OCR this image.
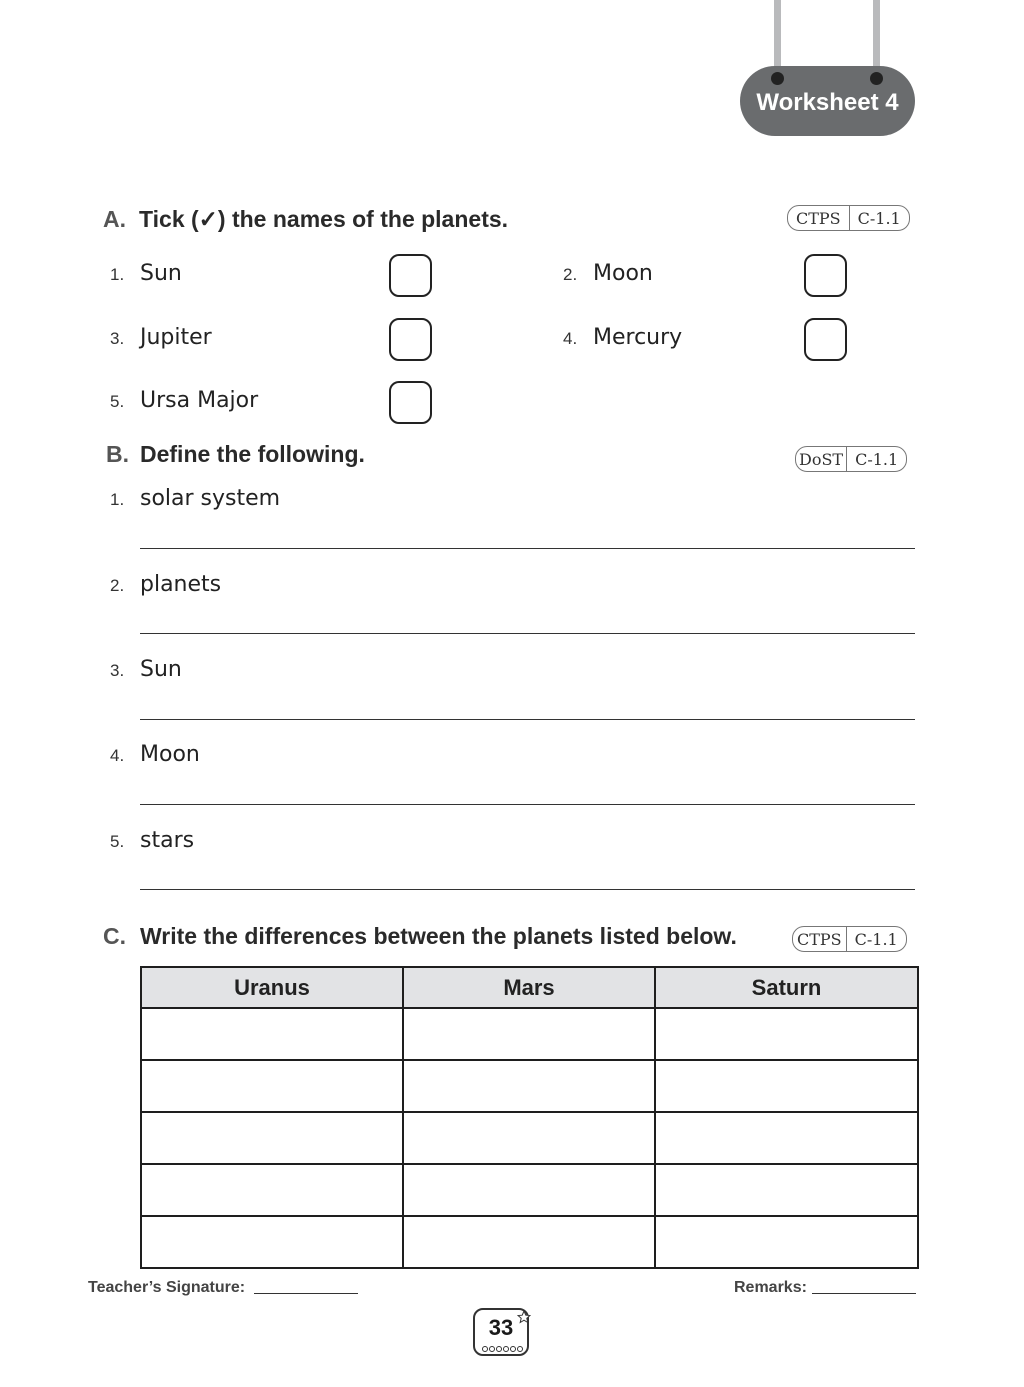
Worksheet 4
A. Tick (✓) the names of the planets.	CTPS	C-1.1
1. Sun	2. Moon
3. Jupiter	4. Mercury
5. Ursa Major
B. Define the following.	DoST C-1.1
1. solar system
2. planets
3. Sun
4. Moon
5. stars
C. Write the differences between the planets listed below.	CTPS C-1.1
Uranus	Mars	Saturn

Teacher’s Signature:	Remarks:
33
